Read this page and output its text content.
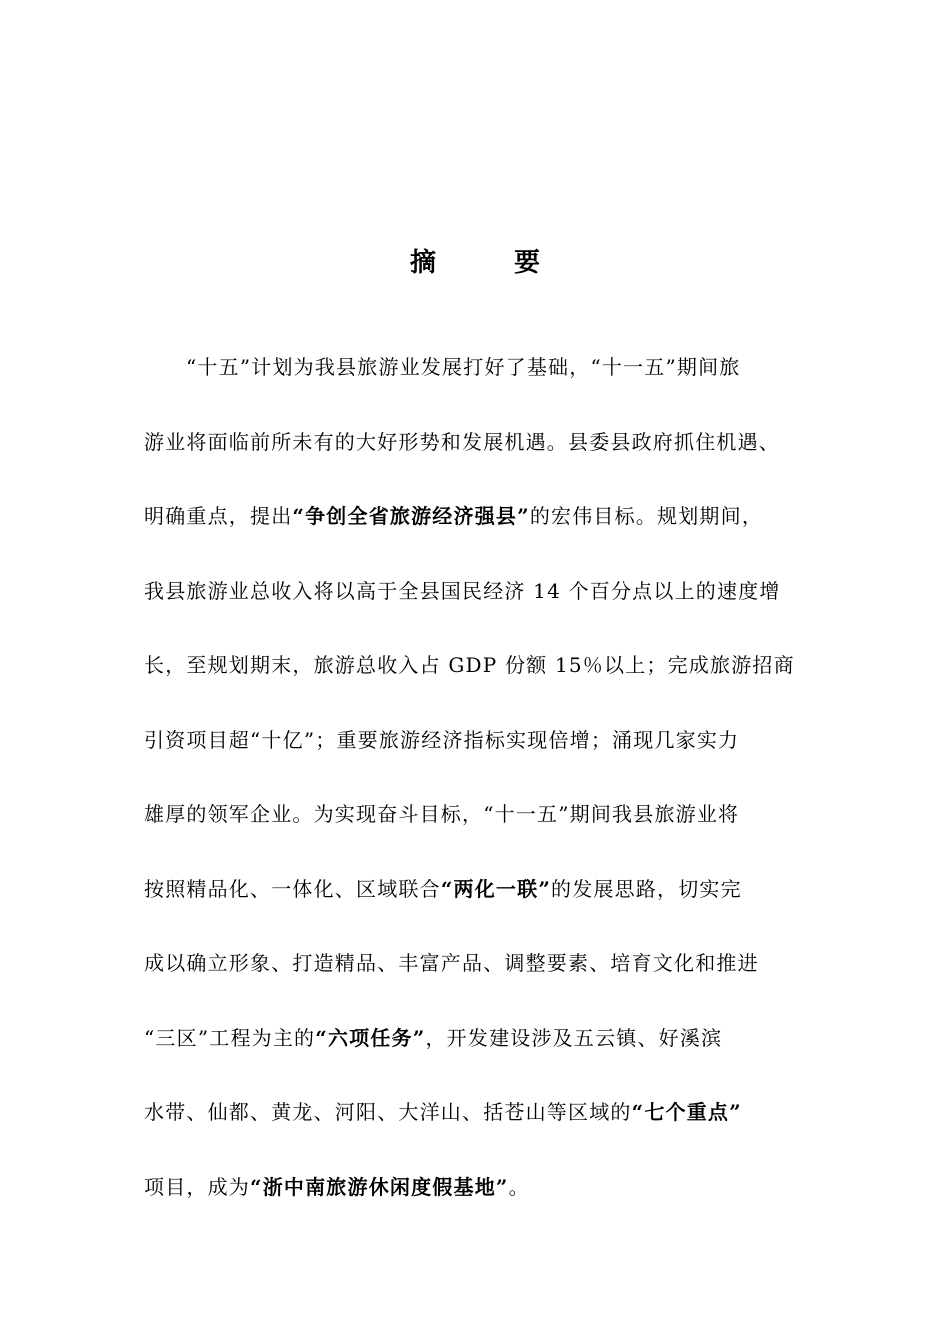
摘	要
“十五”计划为我县旅游业发展打好了基础，“十一五”期间旅
游业将面临前所未有的大好形势和发展机遇。县委县政府抓住机遇、
明确重点，提出“争创全省旅游经济强县”的宏伟目标。规划期间，
我县旅游业总收入将以高于全县国民经济 14 个百分点以上的速度增
长，至规划期末，旅游总收入占 GDP 份额 15％以上；完成旅游招商
引资项目超“十亿”；重要旅游经济指标实现倍增；涌现几家实力
雄厚的领军企业。为实现奋斗目标，“十一五”期间我县旅游业将
按照精品化、一体化、区域联合“两化一联”的发展思路，切实完
成以确立形象、打造精品、丰富产品、调整要素、培育文化和推进
“三区”工程为主的“六项任务”，开发建设涉及五云镇、好溪滨
水带、仙都、黄龙、河阳、大洋山、括苍山等区域的“七个重点”
项目，成为“浙中南旅游休闲度假基地”。
